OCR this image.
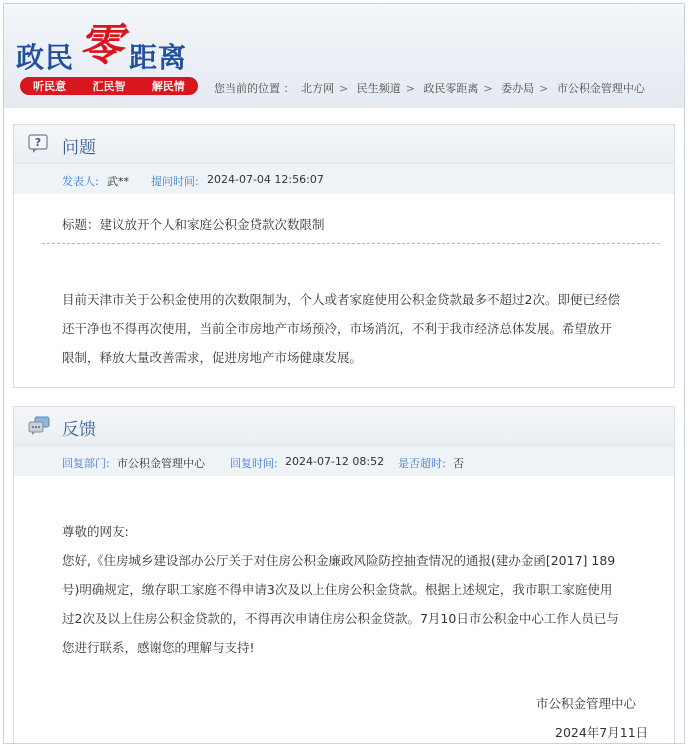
政民 零 距离
听民意 汇民智 解民情	您当前的位置 ： 北方网 > 民生频道 > 政民零距离 > 委办局 > 市公积金管理中心
? 问题
发表人: 武** 提问时间: 2024-07-04 12:56:07
标题：建议放开个人和家庭公积金贷款次数限制
目前天津市关于公积金使用的次数限制为，个人或者家庭使用公积金贷款最多不超过2次。即便已经偿
还干净也不得再次使用，当前全市房地产市场预冷，市场消沉，不利于我市经济总体发展。希望放开
限制，释放大量改善需求，促进房地产市场健康发展。
反馈
回复部门: 市公积金管理中心 回复时间: 2024-07-12 08:52 是否超时: 否
尊敬的网友:
您好,《住房城乡建设部办公厅关于对住房公积金廉政风险防控抽查情况的通报(建办金函[2017] 189
号)明确规定，缴存职工家庭不得申请3次及以上住房公积金贷款。根据上述规定，我市职工家庭使用
过2次及以上住房公积金贷款的，不得再次申请住房公积金贷款。7月10日市公积金中心工作人员已与
您进行联系，感谢您的理解与支持!
市公积金管理中心
2024年7月11日
